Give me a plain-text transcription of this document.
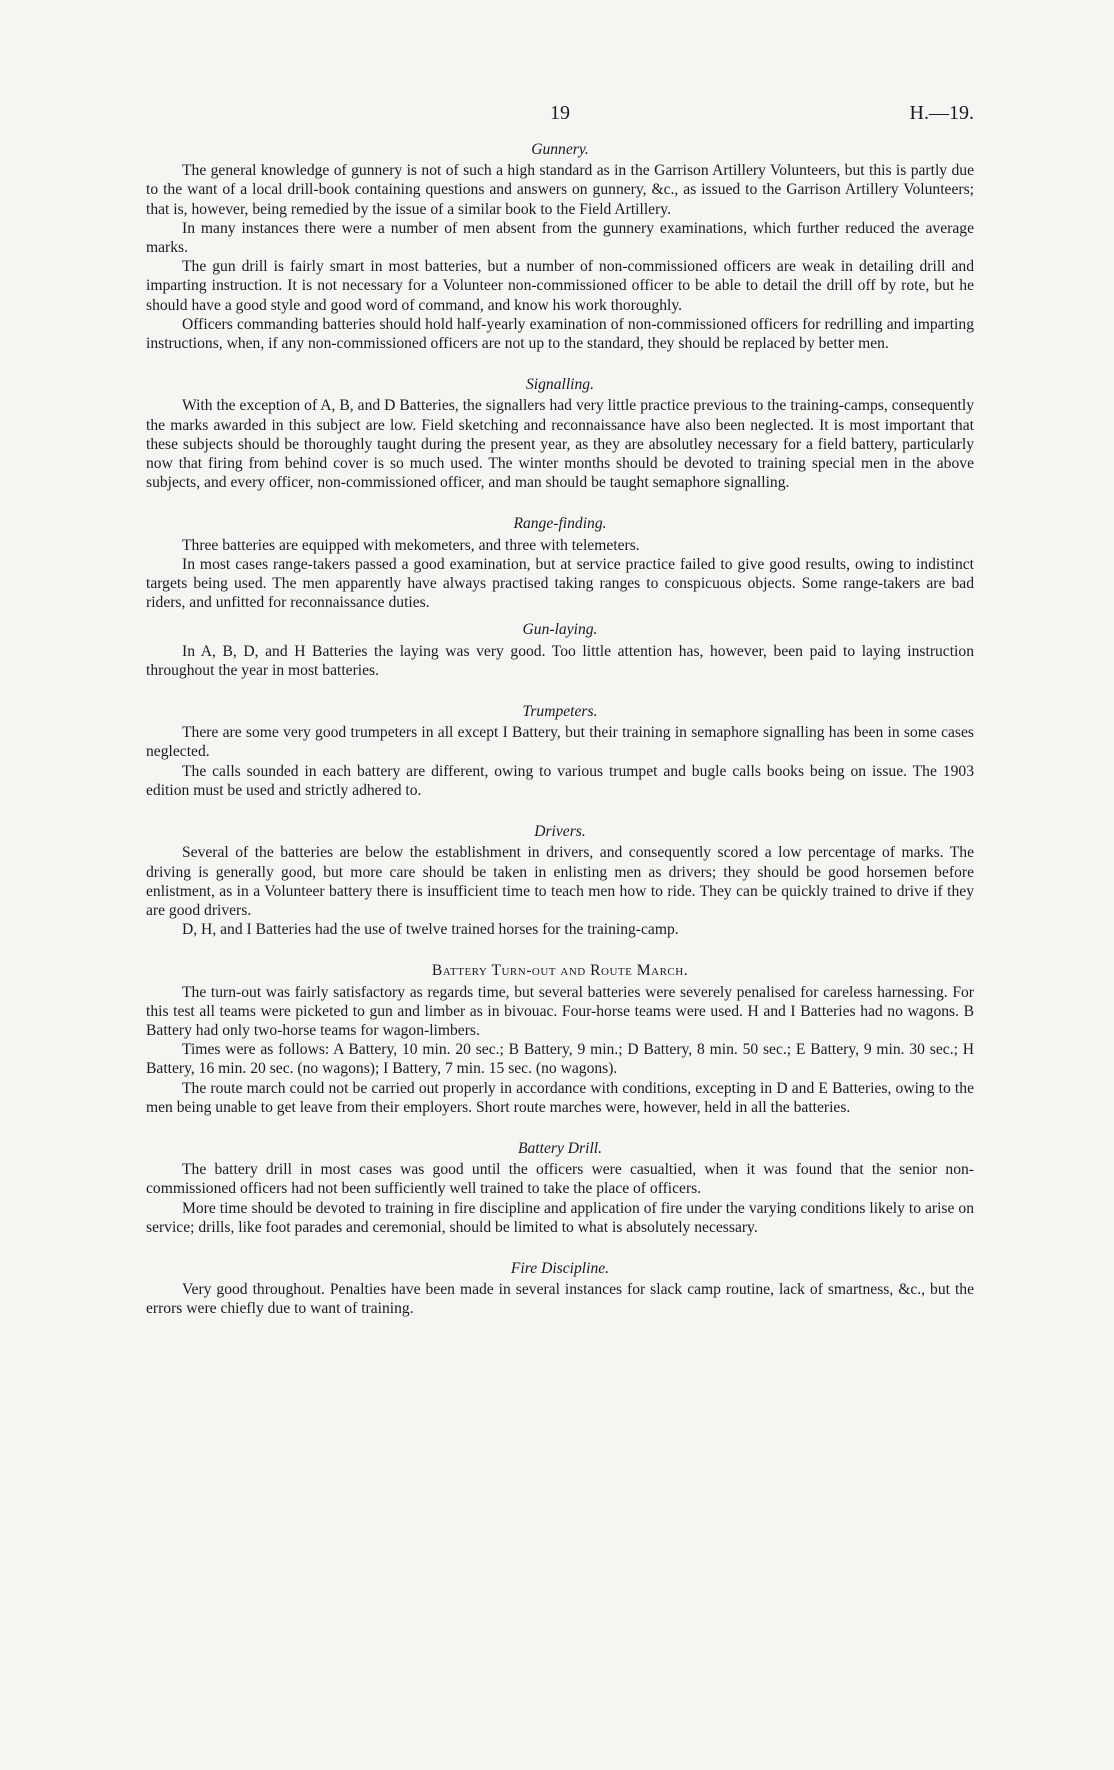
19	H.—19.
Gunnery.

The general knowledge of gunnery is not of such a high standard as in the Garrison Artillery Volunteers, but this is partly due to the want of a local drill-book containing questions and answers on gunnery, &c., as issued to the Garrison Artillery Volunteers; that is, however, being remedied by the issue of a similar book to the Field Artillery.

In many instances there were a number of men absent from the gunnery examinations, which further reduced the average marks.

The gun drill is fairly smart in most batteries, but a number of non-commissioned officers are weak in detailing drill and imparting instruction. It is not necessary for a Volunteer non-commissioned officer to be able to detail the drill off by rote, but he should have a good style and good word of command, and know his work thoroughly.

Officers commanding batteries should hold half-yearly examination of non-commissioned officers for redrilling and imparting instructions, when, if any non-commissioned officers are not up to the standard, they should be replaced by better men.

Signalling.

With the exception of A, B, and D Batteries, the signallers had very little practice previous to the training-camps, consequently the marks awarded in this subject are low. Field sketching and reconnaissance have also been neglected. It is most important that these subjects should be thoroughly taught during the present year, as they are absolutley necessary for a field battery, particularly now that firing from behind cover is so much used. The winter months should be devoted to training special men in the above subjects, and every officer, non-commissioned officer, and man should be taught semaphore signalling.

Range-finding.

Three batteries are equipped with mekometers, and three with telemeters.

In most cases range-takers passed a good examination, but at service practice failed to give good results, owing to indistinct targets being used. The men apparently have always practised taking ranges to conspicuous objects. Some range-takers are bad riders, and unfitted for reconnaissance duties.

Gun-laying.

In A, B, D, and H Batteries the laying was very good. Too little attention has, however, been paid to laying instruction throughout the year in most batteries.

Trumpeters.

There are some very good trumpeters in all except I Battery, but their training in semaphore signalling has been in some cases neglected.

The calls sounded in each battery are different, owing to various trumpet and bugle calls books being on issue. The 1903 edition must be used and strictly adhered to.

Drivers.

Several of the batteries are below the establishment in drivers, and consequently scored a low percentage of marks. The driving is generally good, but more care should be taken in enlisting men as drivers; they should be good horsemen before enlistment, as in a Volunteer battery there is insufficient time to teach men how to ride. They can be quickly trained to drive if they are good drivers.

D, H, and I Batteries had the use of twelve trained horses for the training-camp.

Battery Turn-out and Route March.

The turn-out was fairly satisfactory as regards time, but several batteries were severely penalised for careless harnessing. For this test all teams were picketed to gun and limber as in bivouac. Four-horse teams were used. H and I Batteries had no wagons. B Battery had only two-horse teams for wagon-limbers.

Times were as follows: A Battery, 10 min. 20 sec.; B Battery, 9 min.; D Battery, 8 min. 50 sec.; E Battery, 9 min. 30 sec.; H Battery, 16 min. 20 sec. (no wagons); I Battery, 7 min. 15 sec. (no wagons).

The route march could not be carried out properly in accordance with conditions, excepting in D and E Batteries, owing to the men being unable to get leave from their employers. Short route marches were, however, held in all the batteries.

Battery Drill.

The battery drill in most cases was good until the officers were casualtied, when it was found that the senior non-commissioned officers had not been sufficiently well trained to take the place of officers.

More time should be devoted to training in fire discipline and application of fire under the varying conditions likely to arise on service; drills, like foot parades and ceremonial, should be limited to what is absolutely necessary.

Fire Discipline.

Very good throughout. Penalties have been made in several instances for slack camp routine, lack of smartness, &c., but the errors were chiefly due to want of training.
